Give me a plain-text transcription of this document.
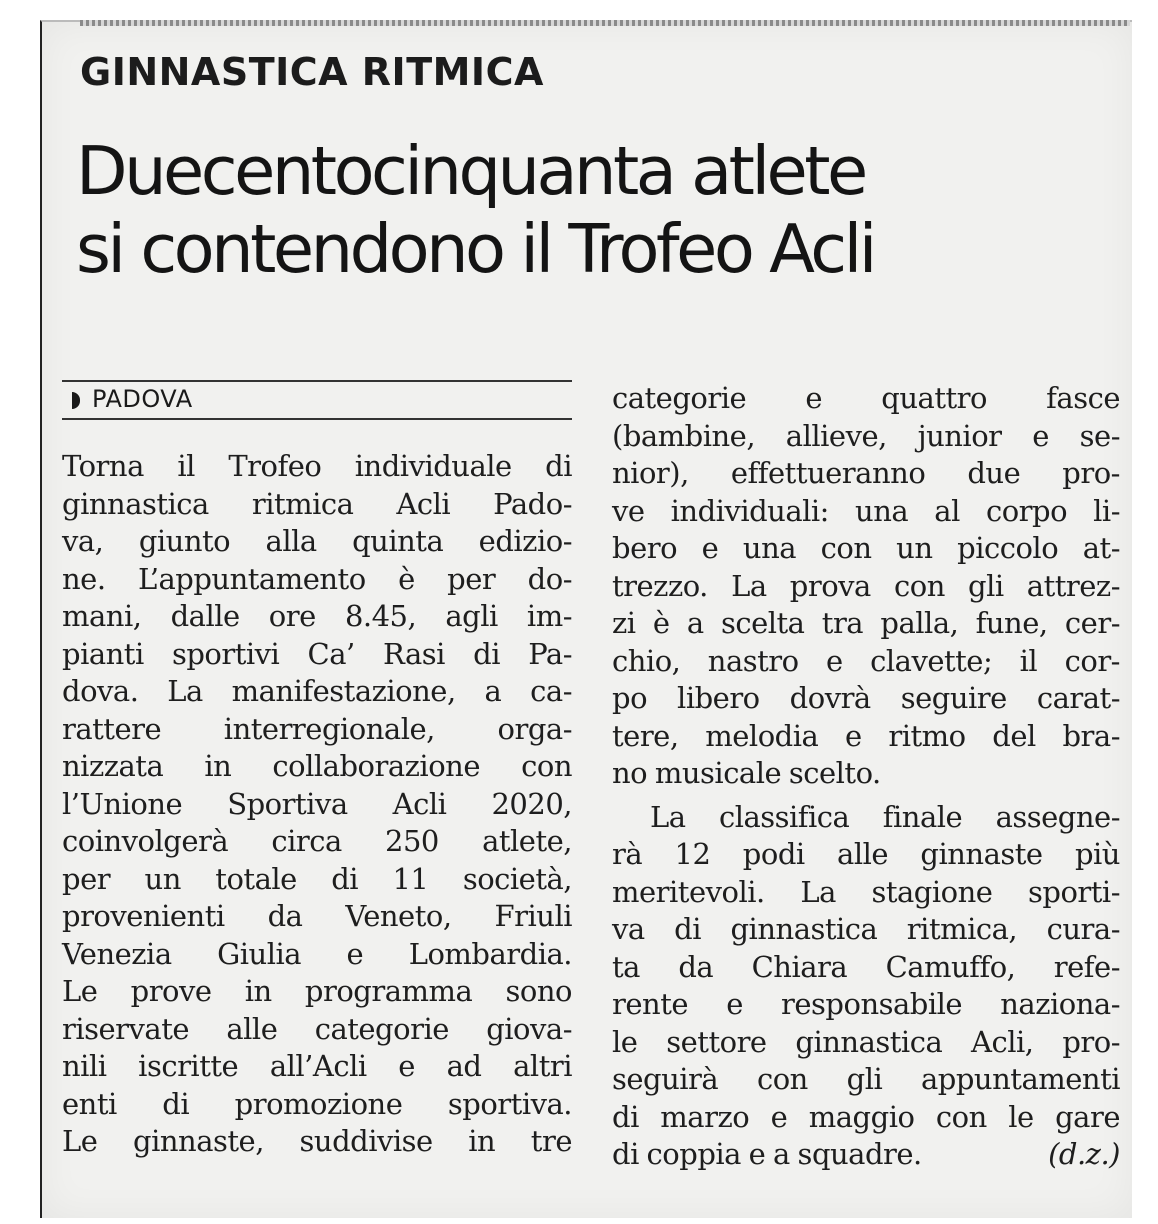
GINNASTICA RITMICA
Duecentocinquanta atlete
si contendono il Trofeo Acli
PADOVA

Torna il Trofeo individuale di
ginnastica ritmica Acli Pado-
va, giunto alla quinta edizio-
ne. L’appuntamento è per do-
mani, dalle ore 8.45, agli im-
pianti sportivi Ca’ Rasi di Pa-
dova. La manifestazione, a ca-
rattere interregionale, orga-
nizzata in collaborazione con
l’Unione Sportiva Acli 2020,
coinvolgerà circa 250 atlete,
per un totale di 11 società,
provenienti da Veneto, Friuli
Venezia Giulia e Lombardia.
Le prove in programma sono
riservate alle categorie giova-
nili iscritte all’Acli e ad altri
enti di promozione sportiva.
Le ginnaste, suddivise in tre

categorie e quattro fasce
(bambine, allieve, junior e se-
nior), effettueranno due pro-
ve individuali: una al corpo li-
bero e una con un piccolo at-
trezzo. La prova con gli attrez-
zi è a scelta tra palla, fune, cer-
chio, nastro e clavette; il cor-
po libero dovrà seguire carat-
tere, melodia e ritmo del bra-
no musicale scelto.

La classifica finale assegne-
rà 12 podi alle ginnaste più
meritevoli. La stagione sporti-
va di ginnastica ritmica, cura-
ta da Chiara Camuffo, refe-
rente e responsabile naziona-
le settore ginnastica Acli, pro-
seguirà con gli appuntamenti
di marzo e maggio con le gare
di coppia e a squadre.	(d.z.)
